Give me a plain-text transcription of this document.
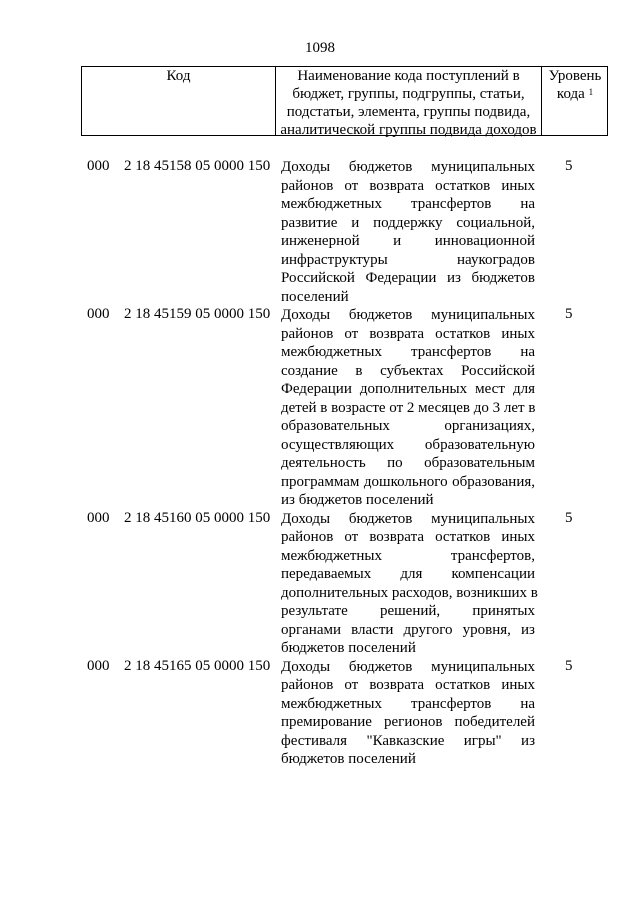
1098
Код	Наименование кода поступлений в
бюджет, группы, подгруппы, статьи,
подстатьи, элемента, группы подвида,
аналитической группы подвида доходов
Уровень
кода $^1$
000 2 18 45158 05 0000 150 Доходы бюджетов муниципальных
районов от возврата остатков иных
межбюджетных трансфертов на
развитие и поддержку социальной,
инженерной и инновационной
инфраструктуры наукоградов
Российской Федерации из бюджетов
поселений
5
000 2 18 45159 05 0000 150 Доходы бюджетов муниципальных
районов от возврата остатков иных
межбюджетных трансфертов на
создание в субъектах Российской
Федерации дополнительных мест для
детей в возрасте от 2 месяцев до 3 лет в
образовательных организациях,
осуществляющих образовательную
деятельность по образовательным
программам дошкольного образования,
из бюджетов поселений
5
000 2 18 45160 05 0000 150 Доходы бюджетов муниципальных
районов от возврата остатков иных
межбюджетных трансфертов,
передаваемых для компенсации
дополнительных расходов, возникших в
результате решений, принятых
органами власти другого уровня, из
бюджетов поселений
5
000 2 18 45165 05 0000 150 Доходы бюджетов муниципальных
районов от возврата остатков иных
межбюджетных трансфертов на
премирование регионов победителей
фестиваля "Кавказские игры" из
бюджетов поселений
5
